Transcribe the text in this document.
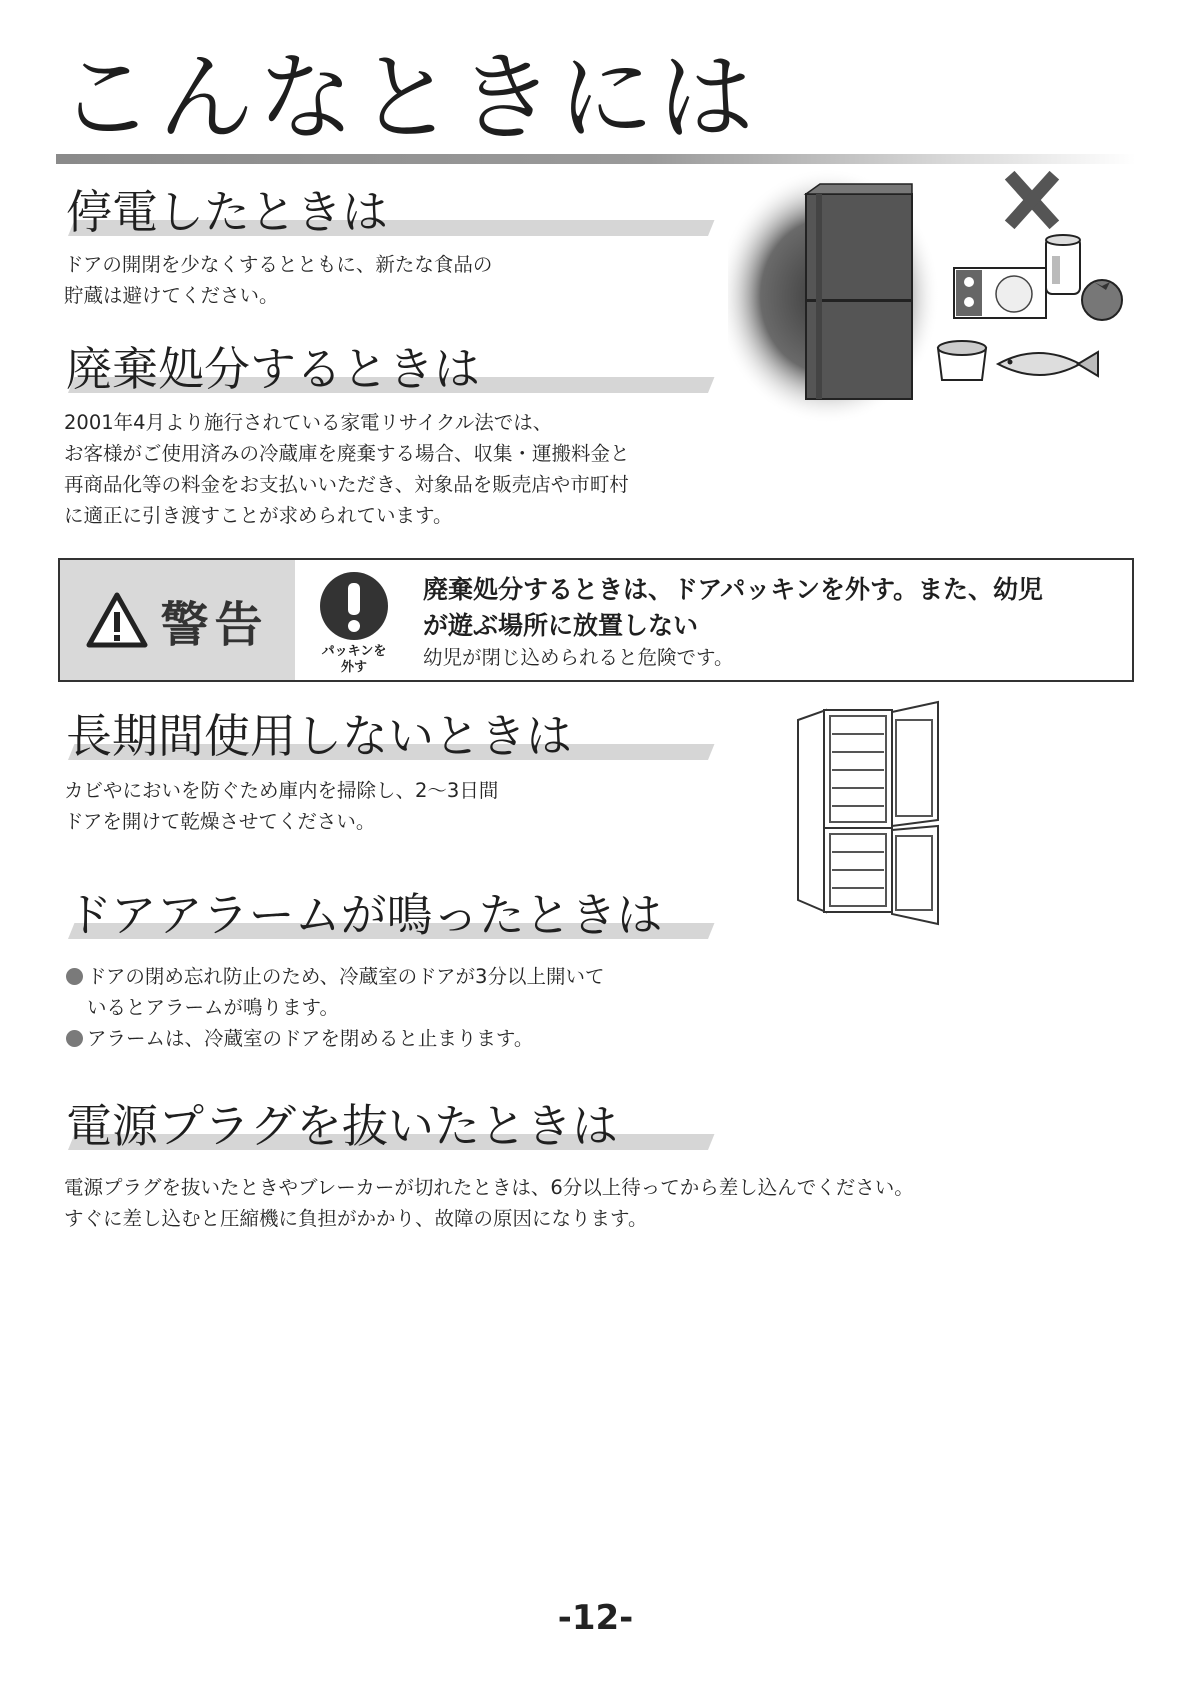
こんなときには
停電したときは

ドアの開閉を少なくするとともに、新たな食品の

貯蔵は避けてください。

廃棄処分するときは

2001年4月より施行されている家電リサイクル法では、

お客様がご使用済みの冷蔵庫を廃棄する場合、収集・運搬料金と

再商品化等の料金をお支払いいただき、対象品を販売店や市町村

に適正に引き渡すことが求められています。

警告	パッキンを
外す

廃棄処分するときは、ドアパッキンを外す。また、幼児

が遊ぶ場所に放置しない

幼児が閉じ込められると危険です。

長期間使用しないときは

カビやにおいを防ぐため庫内を掃除し、2～3日間

ドアを開けて乾燥させてください。

ドアアラームが鳴ったときは
ドアの閉め忘れ防止のため、冷蔵室のドアが3分以上開いて

いるとアラームが鳴ります。

アラームは、冷蔵室のドアを閉めると止まります。
電源プラグを抜いたときは

電源プラグを抜いたときやブレーカーが切れたときは、6分以上待ってから差し込んでください。

すぐに差し込むと圧縮機に負担がかかり、故障の原因になります。

-12-
